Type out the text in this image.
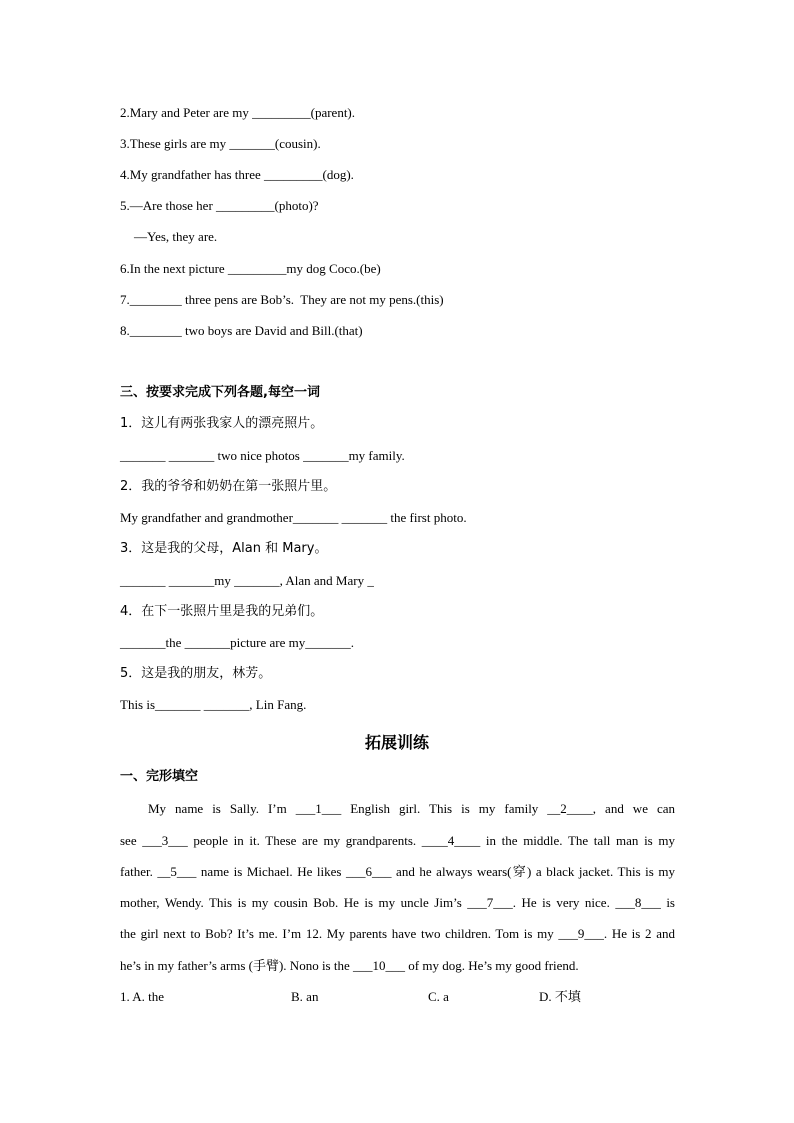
2.Mary and Peter are my _________(parent).
3.These girls are my _______(cousin).
4.My grandfather has three _________(dog).
5.—Are those her _________(photo)?
—Yes, they are.
6.In the next picture _________my dog Coco.(be)
7.________ three pens are Bob’s.  They are not my pens.(this)
8.________ two boys are David and Bill.(that)
三、按要求完成下列各题,每空一词
1．这儿有两张我家人的漂亮照片。
_______ _______ two nice photos _______my family.
2．我的爷爷和奶奶在第一张照片里。
My grandfather and grandmother_______ _______ the first photo.
3．这是我的父母，Alan 和 Mary。
_______ _______my _______, Alan and Mary _
4．在下一张照片里是我的兄弟们。
_______the _______picture are my_______.
5．这是我的朋友，林芳。
This is_______ _______, Lin Fang.
拓展训练
一、完形填空
My name is Sally. I’m ___1___ English girl. This is my family __2____, and we can
see ___3___ people in it. These are my grandparents. ____4____ in the middle. The tall man is my
father. __5___ name is Michael. He likes ___6___ and he always wears(穿) a black jacket. This is my
mother, Wendy. This is my cousin Bob. He is my uncle Jim’s ___7___. He is very nice. ___8___ is
the girl next to Bob? It’s me. I’m 12. My parents have two children. Tom is my ___9___. He is 2 and
he’s in my father’s arms (手臂). Nono is the ___10___ of my dog. He’s my good friend.
1. A. the	B. an	C. a	D. 不填
